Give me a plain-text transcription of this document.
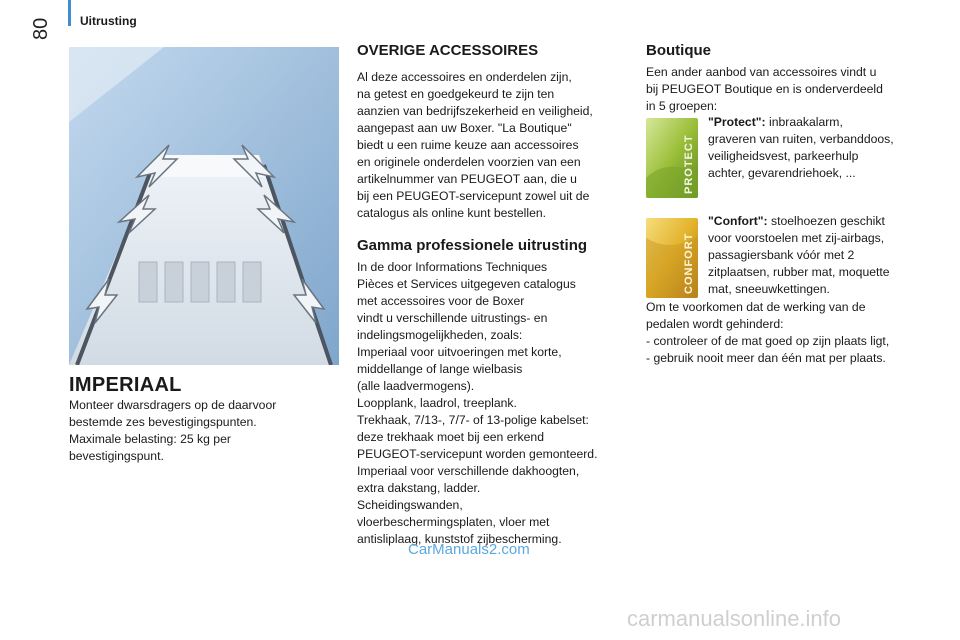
80 Uitrusting
IMPERIAAL
Monteer dwarsdragers op de daarvoor
bestemde zes bevestigingspunten.
Maximale belasting: 25 kg per
bevestigingspunt.
OVERIGE ACCESSOIRES
Al deze accessoires en onderdelen zijn,
na getest en goedgekeurd te zijn ten
aanzien van bedrijfszekerheid en veiligheid,
aangepast aan uw Boxer. "La Boutique"
biedt u een ruime keuze aan accessoires
en originele onderdelen voorzien van een
artikelnummer van PEUGEOT aan, die u
bij een PEUGEOT-servicepunt zowel uit de
catalogus als online kunt bestellen.
Gamma professionele uitrusting
In de door Informations Techniques
Pièces et Services uitgegeven catalogus
met accessoires voor de Boxer
vindt u verschillende uitrustings- en
indelingsmogelijkheden, zoals:
Imperiaal voor uitvoeringen met korte,
middellange of lange wielbasis
(alle laadvermogens).
Loopplank, laadrol, treeplank.
Trekhaak, 7/13-, 7/7- of 13-polige kabelset:
deze trekhaak moet bij een erkend
PEUGEOT-servicepunt worden gemonteerd.
Imperiaal voor verschillende dakhoogten,
extra dakstang, ladder.
Scheidingswanden,
vloerbeschermingsplaten, vloer met
antisliplaag, kunststof zijbescherming.
Boutique
Een ander aanbod van accessoires vindt u
bij PEUGEOT Boutique en is onderverdeeld
in 5 groepen:
PROTECT
"Protect": inbraakalarm,
graveren van ruiten, verbanddoos,
veiligheidsvest, parkeerhulp
achter, gevarendriehoek, ...
CONFORT
"Confort": stoelhoezen geschikt
voor voorstoelen met zij-airbags,
passagiersbank vóór met 2
zitplaatsen, rubber mat, moquette
mat, sneeuwkettingen.
Om te voorkomen dat de werking van de
pedalen wordt gehinderd:
- controleer of de mat goed op zijn plaats ligt,
- gebruik nooit meer dan één mat per plaats.
CarManuals2.com
carmanualsonline.info
